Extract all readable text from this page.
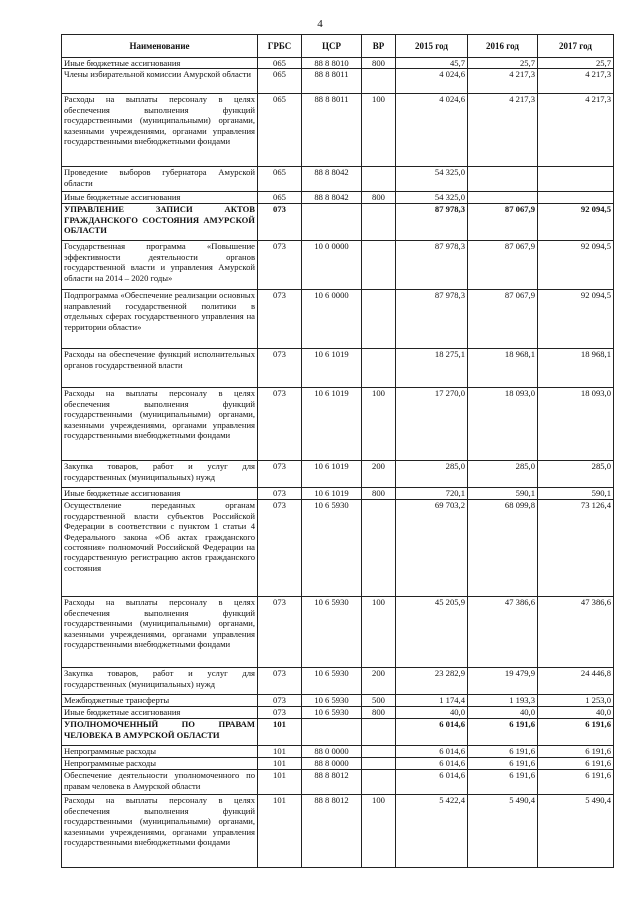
4
Наименование	ГРБС	ЦСР	ВР	2015 год	2016 год	2017 год
Иные бюджетные ассигнования	065	88 8 8010	800	45,7	25,7	25,7
Члены избирательной комиссии Амурской области	065	88 8 8011		4 024,6	4 217,3	4 217,3
Расходы на выплаты персоналу в целях обеспечения выполнения функций государственными (муниципальными) органами, казенными учреждениями, органами управления государственными внебюджетными фондами	065	88 8 8011	100	4 024,6	4 217,3	4 217,3
Проведение выборов губернатора Амурской области	065	88 8 8042		54 325,0		
Иные бюджетные ассигнования	065	88 8 8042	800	54 325,0		
УПРАВЛЕНИЕ ЗАПИСИ АКТОВ ГРАЖДАНСКОГО СОСТОЯНИЯ АМУРСКОЙ ОБЛАСТИ	073			87 978,3	87 067,9	92 094,5
Государственная программа «Повышение эффективности деятельности органов государственной власти и управления Амурской области на 2014 – 2020 годы»	073	10 0 0000		87 978,3	87 067,9	92 094,5
Подпрограмма «Обеспечение реализации основных направлений государственной политики в отдельных сферах государственного управления на территории области»	073	10 6 0000		87 978,3	87 067,9	92 094,5
Расходы на обеспечение функций исполнительных органов государственной власти	073	10 6 1019		18 275,1	18 968,1	18 968,1
Расходы на выплаты персоналу в целях обеспечения выполнения функций государственными (муниципальными) органами, казенными учреждениями, органами управления государственными внебюджетными фондами	073	10 6 1019	100	17 270,0	18 093,0	18 093,0
Закупка товаров, работ и услуг для государственных (муниципальных) нужд	073	10 6 1019	200	285,0	285,0	285,0
Иные бюджетные ассигнования	073	10 6 1019	800	720,1	590,1	590,1
Осуществление переданных органам государственной власти субъектов Российской Федерации в соответствии с пунктом 1 статьи 4 Федерального закона «Об актах гражданского состояния» полномочий Российской Федерации на государственную регистрацию актов гражданского состояния	073	10 6 5930		69 703,2	68 099,8	73 126,4
Расходы на выплаты персоналу в целях обеспечения выполнения функций государственными (муниципальными) органами, казенными учреждениями, органами управления государственными внебюджетными фондами	073	10 6 5930	100	45 205,9	47 386,6	47 386,6
Закупка товаров, работ и услуг для государственных (муниципальных) нужд	073	10 6 5930	200	23 282,9	19 479,9	24 446,8
Межбюджетные трансферты	073	10 6 5930	500	1 174,4	1 193,3	1 253,0
Иные бюджетные ассигнования	073	10 6 5930	800	40,0	40,0	40,0
УПОЛНОМОЧЕННЫЙ ПО ПРАВАМ ЧЕЛОВЕКА В АМУРСКОЙ ОБЛАСТИ	101			6 014,6	6 191,6	6 191,6
Непрограммные расходы	101	88 0 0000		6 014,6	6 191,6	6 191,6
Непрограммные расходы	101	88 8 0000		6 014,6	6 191,6	6 191,6
Обеспечение деятельности уполномоченного по правам человека в Амурской области	101	88 8 8012		6 014,6	6 191,6	6 191,6
Расходы на выплаты персоналу в целях обеспечения выполнения функций государственными (муниципальными) органами, казенными учреждениями, органами управления государственными внебюджетными фондами	101	88 8 8012	100	5 422,4	5 490,4	5 490,4
